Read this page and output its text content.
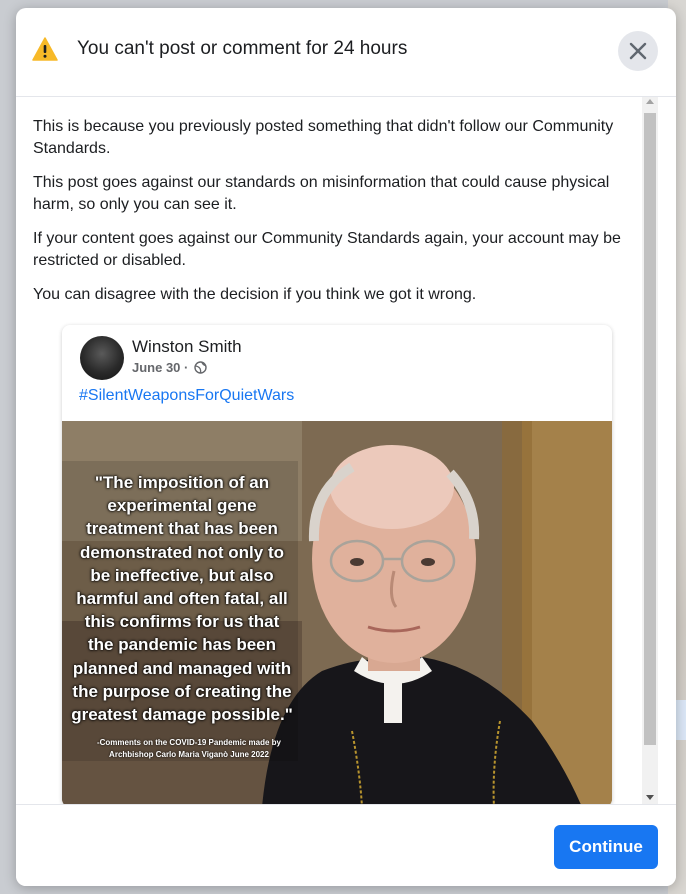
You can't post or comment for 24 hours

This is because you previously posted something that didn't follow our Community Standards.

This post goes against our standards on misinformation that could cause physical harm, so only you can see it.

If your content goes against our Community Standards again, your account may be restricted or disabled.

You can disagree with the decision if you think we got it wrong.

Winston Smith
June 30 ·
#SilentWeaponsForQuietWars
"The imposition of an experimental gene treatment that has been demonstrated not only to be ineffective, but also harmful and often fatal, all this confirms for us that the pandemic has been planned and managed with the purpose of creating the greatest damage possible."
-Comments on the COVID-19 Pandemic made by Archbishop Carlo Maria Viganò June 2022
Continue
